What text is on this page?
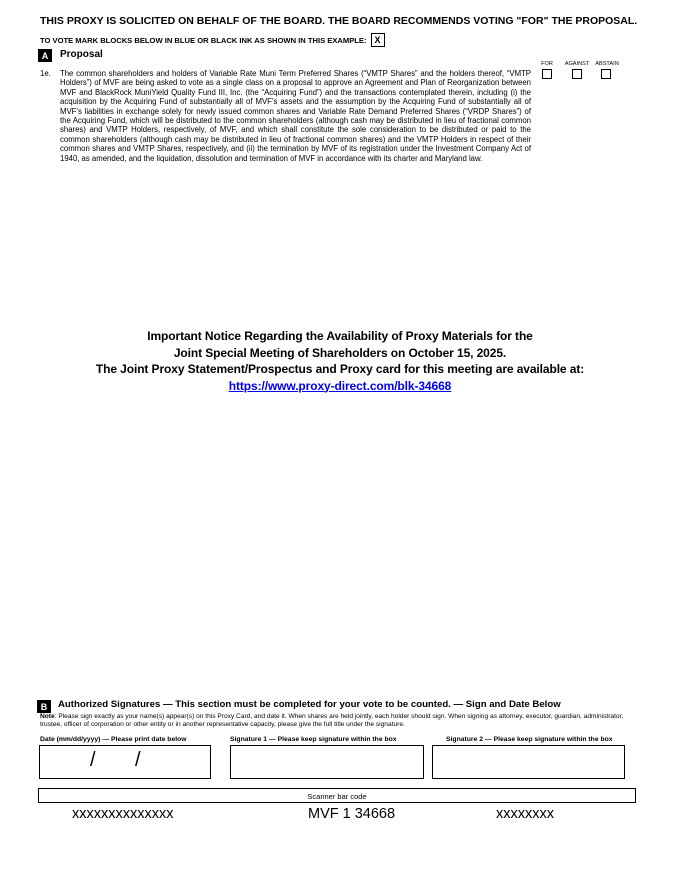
THIS PROXY IS SOLICITED ON BEHALF OF THE BOARD. THE BOARD RECOMMENDS VOTING "FOR" THE PROPOSAL.
TO VOTE MARK BLOCKS BELOW IN BLUE OR BLACK INK AS SHOWN IN THIS EXAMPLE: X
A	Proposal
FOR	AGAINST	ABSTAIN
1e. The common shareholders and holders of Variable Rate Muni Term Preferred Shares (“VMTP Shares” and the holders thereof, “VMTP Holders”) of MVF are being asked to vote as a single class on a proposal to approve an Agreement and Plan of Reorganization between MVF and BlackRock MuniYield Quality Fund III, Inc. (the “Acquiring Fund”) and the transactions contemplated therein, including (i) the acquisition by the Acquiring Fund of substantially all of MVF’s assets and the assumption by the Acquiring Fund of substantially all of MVF’s liabilities in exchange solely for newly issued common shares and Variable Rate Demand Preferred Shares (“VRDP Shares”) of the Acquiring Fund, which will be distributed to the common shareholders (although cash may be distributed in lieu of fractional common shares) and VMTP Holders, respectively, of MVF, and which shall constitute the sole consideration to be distributed or paid to the common shareholders (although cash may be distributed in lieu of fractional common shares) and the VMTP Holders in respect of their common shares and VMTP Shares, respectively, and (ii) the termination by MVF of its registration under the Investment Company Act of 1940, as amended, and the liquidation, dissolution and termination of MVF in accordance with its charter and Maryland law.
Important Notice Regarding the Availability of Proxy Materials for the
Joint Special Meeting of Shareholders on October 15, 2025.
The Joint Proxy Statement/Prospectus and Proxy card for this meeting are available at:
https://www.proxy-direct.com/blk-34668
B	Authorized Signatures — This section must be completed for your vote to be counted. — Sign and Date Below
Note: Please sign exactly as your name(s) appear(s) on this Proxy Card, and date it. When shares are held jointly, each holder should sign. When signing as attorney, executor, guardian, administrator, trustee, officer of corporation or other entity or in another representative capacity, please give the full title under the signature.
Date (mm/dd/yyyy) — Please print date below	Signature 1 — Please keep signature within the box	Signature 2 — Please keep signature within the box
/ /
Scanner bar code
xxxxxxxxxxxxxx	MVF 1 34668	xxxxxxxx
